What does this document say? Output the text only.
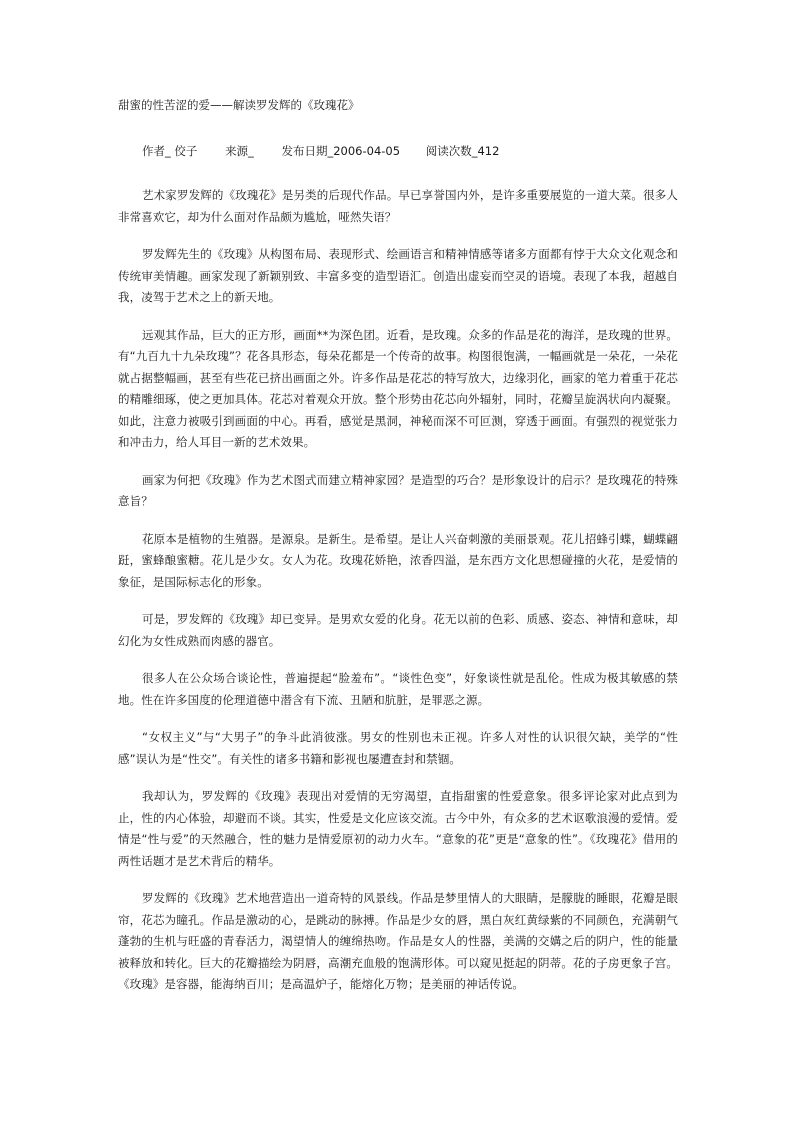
甜蜜的性苦涩的爱——解读罗发辉的《玫瑰花》
作者_ 佼子 来源_ 发布日期_2006-04-05 阅读次数_412

艺术家罗发辉的《玫瑰花》是另类的后现代作品。早已享誉国内外，是许多重要展览的一道大菜。很多人非常喜欢它，却为什么面对作品颇为尴尬，哑然失语？

罗发辉先生的《玫瑰》从构图布局、表现形式、绘画语言和精神情感等诸多方面都有悖于大众文化观念和传统审美情趣。画家发现了新颖别致、丰富多变的造型语汇。创造出虚妄而空灵的语境。表现了本我，超越自我，凌驾于艺术之上的新天地。

远观其作品，巨大的正方形，画面**为深色团。近看，是玫瑰。众多的作品是花的海洋，是玫瑰的世界。有“九百九十九朵玫瑰”？花各具形态，每朵花都是一个传奇的故事。构图很饱满，一幅画就是一朵花，一朵花就占据整幅画，甚至有些花已挤出画面之外。许多作品是花芯的特写放大，边缘羽化，画家的笔力着重于花芯的精雕细琢，使之更加具体。花芯对着观众开放。整个形势由花芯向外辐射，同时，花瓣呈旋涡状向内凝聚。如此，注意力被吸引到画面的中心。再看，感觉是黑洞，神秘而深不可叵测，穿透于画面。有强烈的视觉张力和冲击力，给人耳目一新的艺术效果。

画家为何把《玫瑰》作为艺术图式而建立精神家园？是造型的巧合？是形象设计的启示？是玫瑰花的特殊意旨？

花原本是植物的生殖器。是源泉。是新生。是希望。是让人兴奋刺激的美丽景观。花儿招蜂引蝶，蝴蝶翩跹，蜜蜂酿蜜糖。花儿是少女。女人为花。玫瑰花娇艳，浓香四溢，是东西方文化思想碰撞的火花，是爱情的象征，是国际标志化的形象。

可是，罗发辉的《玫瑰》却已变异。是男欢女爱的化身。花无以前的色彩、质感、姿态、神情和意味，却幻化为女性成熟而肉感的器官。

很多人在公众场合谈论性，普遍提起“脸羞布”。“谈性色变”，好象谈性就是乱伦。性成为极其敏感的禁地。性在许多国度的伦理道德中潜含有下流、丑陋和肮脏，是罪恶之源。

“女权主义”与“大男子”的争斗此消彼涨。男女的性别也未正视。许多人对性的认识很欠缺，美学的“性感”误认为是“性交”。有关性的诸多书籍和影视也屡遭查封和禁锢。

我却认为，罗发辉的《玫瑰》表现出对爱情的无穷渴望，直指甜蜜的性爱意象。很多评论家对此点到为止，性的内心体验，却避而不谈。其实，性爱是文化应该交流。古今中外，有众多的艺术讴歌浪漫的爱情。爱情是“性与爱”的天然融合，性的魅力是情爱原初的动力火车。“意象的花”更是“意象的性”。《玫瑰花》借用的两性话题才是艺术背后的精华。

罗发辉的《玫瑰》艺术地营造出一道奇特的风景线。作品是梦里情人的大眼睛，是朦胧的睡眼，花瓣是眼帘，花芯为瞳孔。作品是激动的心，是跳动的脉搏。作品是少女的唇，黑白灰红黄绿紫的不同颜色，充满朝气蓬勃的生机与旺盛的青春活力，渴望情人的缠绵热吻。作品是女人的性器，美满的交媾之后的阴户，性的能量被释放和转化。巨大的花瓣描绘为阴唇，高潮充血般的饱满形体。可以窥见挺起的阴蒂。花的子房更象子宫。《玫瑰》是容器，能海纳百川；是高温炉子，能熔化万物；是美丽的神话传说。
